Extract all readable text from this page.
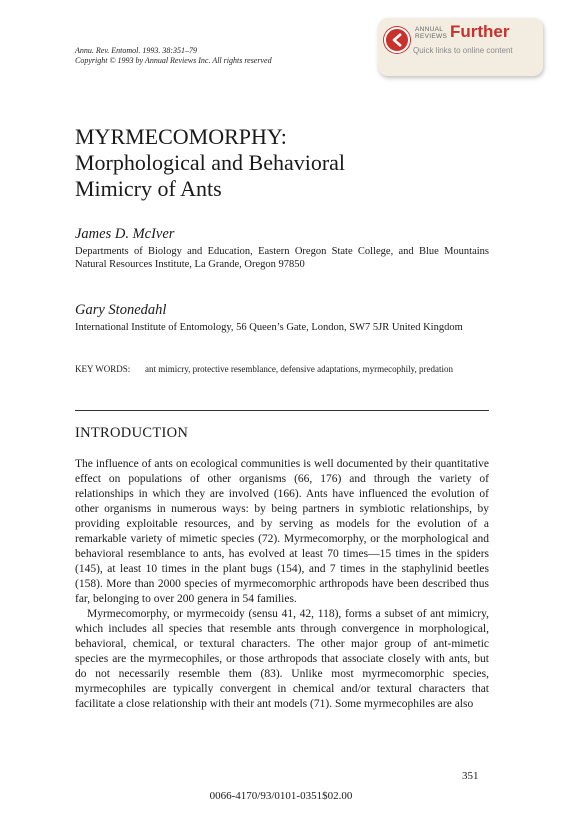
Annu. Rev. Entomol. 1993. 38:351–79
Copyright © 1993 by Annual Reviews Inc. All rights reserved
ANNUAL
REVIEWS Further
Quick links to online content
MYRMECOMORPHY:
Morphological and Behavioral
Mimicry of Ants
James D. McIver
Departments of Biology and Education, Eastern Oregon State College, and Blue Mountains Natural Resources Institute, La Grande, Oregon 97850
Gary Stonedahl
International Institute of Entomology, 56 Queen’s Gate, London, SW7 5JR United Kingdom
KEY WORDS: ant mimicry, protective resemblance, defensive adaptations, myrmecophily, predation
INTRODUCTION

The influence of ants on ecological communities is well documented by their quantitative effect on populations of other organisms (66, 176) and through the variety of relationships in which they are involved (166). Ants have influenced the evolution of other organisms in numerous ways: by being partners in symbiotic relationships, by providing exploitable resources, and by serving as models for the evolution of a remarkable variety of mimetic species (72). Myrmecomorphy, or the morphological and behavioral resemblance to ants, has evolved at least 70 times—15 times in the spiders (145), at least 10 times in the plant bugs (154), and 7 times in the staphylinid beetles (158). More than 2000 species of myrmecomorphic arthropods have been described thus far, belonging to over 200 genera in 54 families.

Myrmecomorphy, or myrmecoidy (sensu 41, 42, 118), forms a subset of ant mimicry, which includes all species that resemble ants through convergence in morphological, behavioral, chemical, or textural characters. The other major group of ant-mimetic species are the myrmecophiles, or those arthropods that associate closely with ants, but do not necessarily resemble them (83). Unlike most myrmecomorphic species, myrmecophiles are typically convergent in chemical and/or textural characters that facilitate a close relationship with their ant models (71). Some myrmecophiles are also

351
0066-4170/93/0101-0351$02.00
